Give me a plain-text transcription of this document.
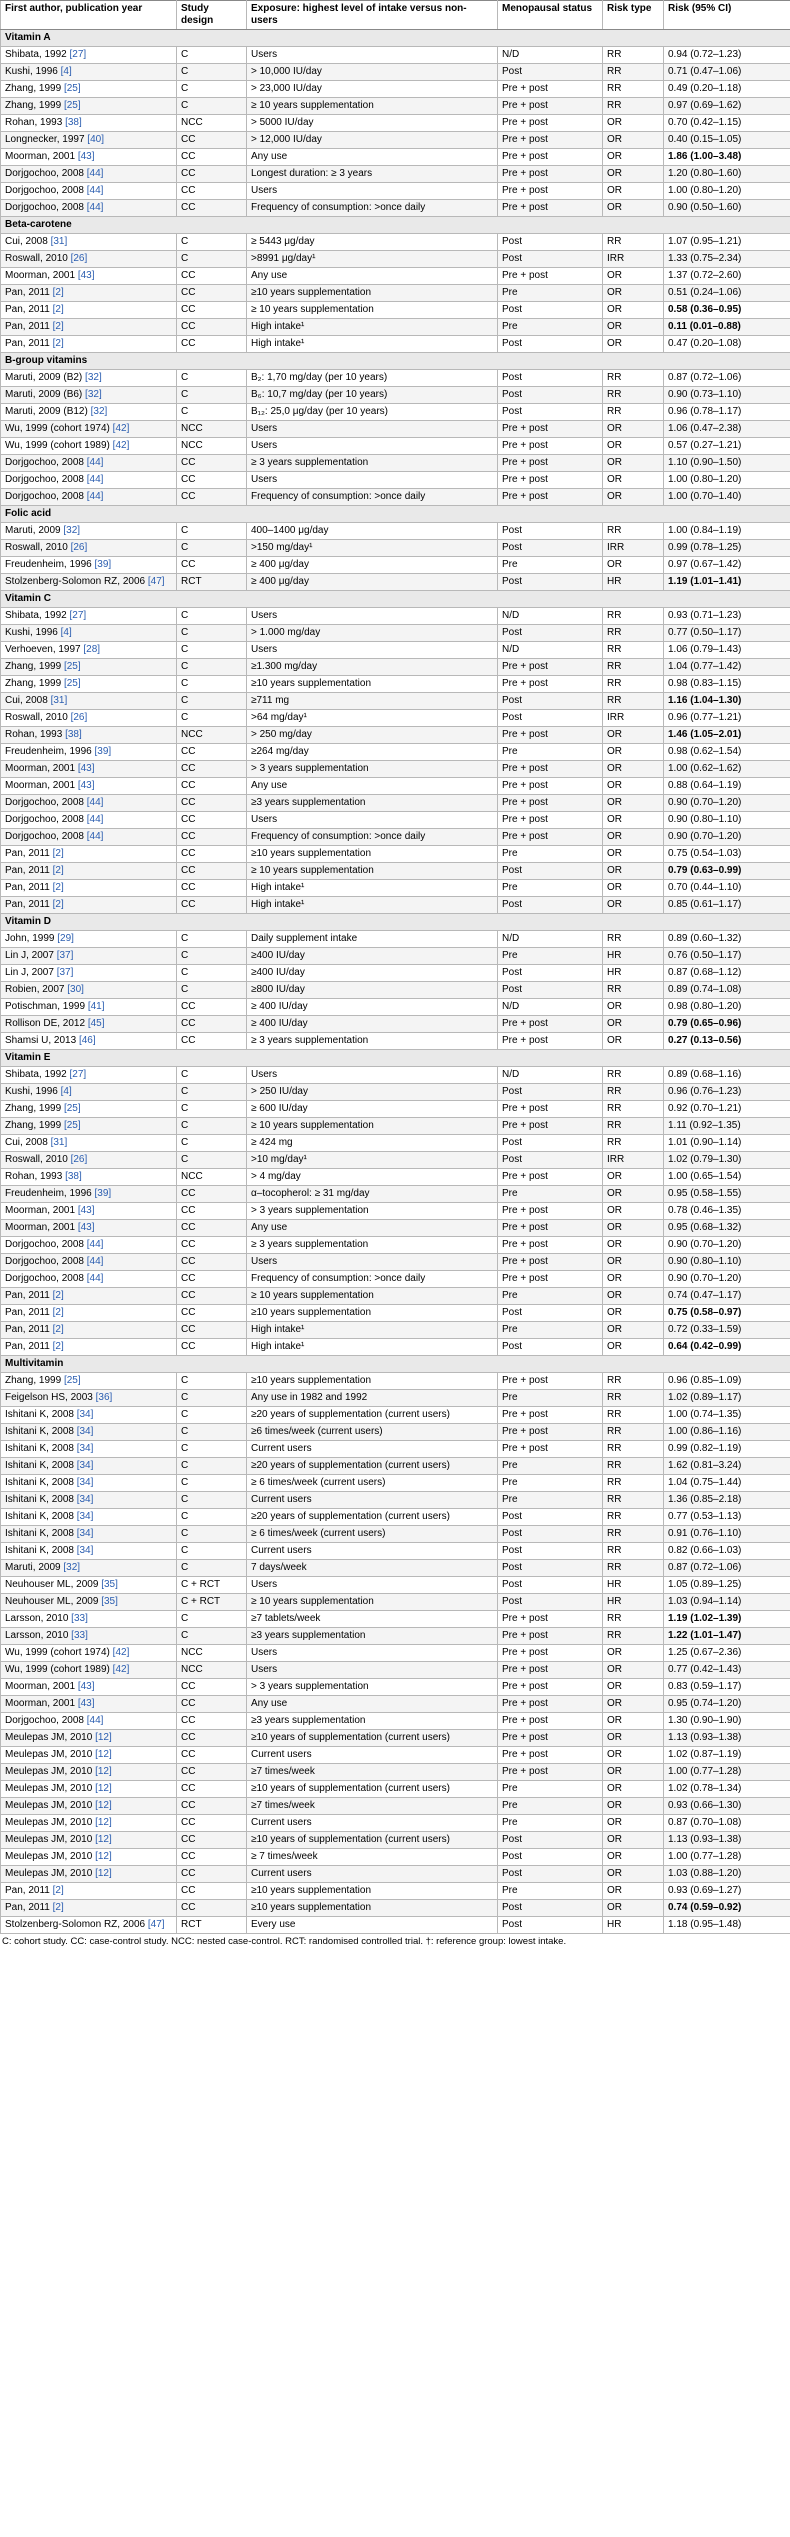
First author, publication year	Study design	Exposure: highest level of intake versus non-users	Menopausal status	Risk type	Risk (95% CI)
Vitamin A					
Shibata, 1992 [27]	C	Users	N/D	RR	0.94 (0.72–1.23)
Kushi, 1996 [4]	C	> 10,000 IU/day	Post	RR	0.71 (0.47–1.06)
Zhang, 1999 [25]	C	> 23,000 IU/day	Pre + post	RR	0.49 (0.20–1.18)
Zhang, 1999 [25]	C	≥ 10 years supplementation	Pre + post	RR	0.97 (0.69–1.62)
Rohan, 1993 [38]	NCC	> 5000 IU/day	Pre + post	OR	0.70 (0.42–1.15)
Longnecker, 1997 [40]	CC	> 12,000 IU/day	Pre + post	OR	0.40 (0.15–1.05)
Moorman, 2001 [43]	CC	Any use	Pre + post	OR	1.86 (1.00–3.48)
Dorjgochoo, 2008 [44]	CC	Longest duration: ≥ 3 years	Pre + post	OR	1.20 (0.80–1.60)
Dorjgochoo, 2008 [44]	CC	Users	Pre + post	OR	1.00 (0.80–1.20)
Dorjgochoo, 2008 [44]	CC	Frequency of consumption: >once daily	Pre + post	OR	0.90 (0.50–1.60)
Beta-carotene					
Cui, 2008 [31]	C	≥ 5443 μg/day	Post	RR	1.07 (0.95–1.21)
Roswall, 2010 [26]	C	>8991 μg/day¹	Post	IRR	1.33 (0.75–2.34)
Moorman, 2001 [43]	CC	Any use	Pre + post	OR	1.37 (0.72–2.60)
Pan, 2011 [2]	CC	≥10 years supplementation	Pre	OR	0.51 (0.24–1.06)
Pan, 2011 [2]	CC	≥ 10 years supplementation	Post	OR	0.58 (0.36–0.95)
Pan, 2011 [2]	CC	High intake¹	Pre	OR	0.11 (0.01–0.88)
Pan, 2011 [2]	CC	High intake¹	Post	OR	0.47 (0.20–1.08)
B-group vitamins					
Maruti, 2009 (B2) [32]	C	B₂: 1,70 mg/day (per 10 years)	Post	RR	0.87 (0.72–1.06)
Maruti, 2009 (B6) [32]	C	B₆: 10,7 mg/day (per 10 years)	Post	RR	0.90 (0.73–1.10)
Maruti, 2009 (B12) [32]	C	B₁₂: 25,0 μg/day (per 10 years)	Post	RR	0.96 (0.78–1.17)
Wu, 1999 (cohort 1974) [42]	NCC	Users	Pre + post	OR	1.06 (0.47–2.38)
Wu, 1999 (cohort 1989) [42]	NCC	Users	Pre + post	OR	0.57 (0.27–1.21)
Dorjgochoo, 2008 [44]	CC	≥ 3 years supplementation	Pre + post	OR	1.10 (0.90–1.50)
Dorjgochoo, 2008 [44]	CC	Users	Pre + post	OR	1.00 (0.80–1.20)
Dorjgochoo, 2008 [44]	CC	Frequency of consumption: >once daily	Pre + post	OR	1.00 (0.70–1.40)
Folic acid					
Maruti, 2009 [32]	C	400–1400 μg/day	Post	RR	1.00 (0.84–1.19)
Roswall, 2010 [26]	C	>150 mg/day¹	Post	IRR	0.99 (0.78–1.25)
Freudenheim, 1996 [39]	CC	≥ 400 μg/day	Pre	OR	0.97 (0.67–1.42)
Stolzenberg-Solomon RZ, 2006 [47]	RCT	≥ 400 μg/day	Post	HR	1.19 (1.01–1.41)
Vitamin C					
Shibata, 1992 [27]	C	Users	N/D	RR	0.93 (0.71–1.23)
Kushi, 1996 [4]	C	> 1.000 mg/day	Post	RR	0.77 (0.50–1.17)
Verhoeven, 1997 [28]	C	Users	N/D	RR	1.06 (0.79–1.43)
Zhang, 1999 [25]	C	≥1.300 mg/day	Pre + post	RR	1.04 (0.77–1.42)
Zhang, 1999 [25]	C	≥10 years supplementation	Pre + post	RR	0.98 (0.83–1.15)
Cui, 2008 [31]	C	≥711 mg	Post	RR	1.16 (1.04–1.30)
Roswall, 2010 [26]	C	>64 mg/day¹	Post	IRR	0.96 (0.77–1.21)
Rohan, 1993 [38]	NCC	> 250 mg/day	Pre + post	OR	1.46 (1.05–2.01)
Freudenheim, 1996 [39]	CC	≥264 mg/day	Pre	OR	0.98 (0.62–1.54)
Moorman, 2001 [43]	CC	> 3 years supplementation	Pre + post	OR	1.00 (0.62–1.62)
Moorman, 2001 [43]	CC	Any use	Pre + post	OR	0.88 (0.64–1.19)
Dorjgochoo, 2008 [44]	CC	≥3 years supplementation	Pre + post	OR	0.90 (0.70–1.20)
Dorjgochoo, 2008 [44]	CC	Users	Pre + post	OR	0.90 (0.80–1.10)
Dorjgochoo, 2008 [44]	CC	Frequency of consumption: >once daily	Pre + post	OR	0.90 (0.70–1.20)
Pan, 2011 [2]	CC	≥10 years supplementation	Pre	OR	0.75 (0.54–1.03)
Pan, 2011 [2]	CC	≥ 10 years supplementation	Post	OR	0.79 (0.63–0.99)
Pan, 2011 [2]	CC	High intake¹	Pre	OR	0.70 (0.44–1.10)
Pan, 2011 [2]	CC	High intake¹	Post	OR	0.85 (0.61–1.17)
Vitamin D					
John, 1999 [29]	C	Daily supplement intake	N/D	RR	0.89 (0.60–1.32)
Lin J, 2007 [37]	C	≥400 IU/day	Pre	HR	0.76 (0.50–1.17)
Lin J, 2007 [37]	C	≥400 IU/day	Post	HR	0.87 (0.68–1.12)
Robien, 2007 [30]	C	≥800 IU/day	Post	RR	0.89 (0.74–1.08)
Potischman, 1999 [41]	CC	≥ 400 IU/day	N/D	OR	0.98 (0.80–1.20)
Rollison DE, 2012 [45]	CC	≥ 400 IU/day	Pre + post	OR	0.79 (0.65–0.96)
Shamsi U, 2013 [46]	CC	≥ 3 years supplementation	Pre + post	OR	0.27 (0.13–0.56)
Vitamin E					
Shibata, 1992 [27]	C	Users	N/D	RR	0.89 (0.68–1.16)
Kushi, 1996 [4]	C	> 250 IU/day	Post	RR	0.96 (0.76–1.23)
Zhang, 1999 [25]	C	≥ 600 IU/day	Pre + post	RR	0.92 (0.70–1.21)
Zhang, 1999 [25]	C	≥ 10 years supplementation	Pre + post	RR	1.11 (0.92–1.35)
Cui, 2008 [31]	C	≥ 424 mg	Post	RR	1.01 (0.90–1.14)
Roswall, 2010 [26]	C	>10 mg/day¹	Post	IRR	1.02 (0.79–1.30)
Rohan, 1993 [38]	NCC	> 4 mg/day	Pre + post	OR	1.00 (0.65–1.54)
Freudenheim, 1996 [39]	CC	α–tocopherol: ≥ 31 mg/day	Pre	OR	0.95 (0.58–1.55)
Moorman, 2001 [43]	CC	> 3 years supplementation	Pre + post	OR	0.78 (0.46–1.35)
Moorman, 2001 [43]	CC	Any use	Pre + post	OR	0.95 (0.68–1.32)
Dorjgochoo, 2008 [44]	CC	≥ 3 years supplementation	Pre + post	OR	0.90 (0.70–1.20)
Dorjgochoo, 2008 [44]	CC	Users	Pre + post	OR	0.90 (0.80–1.10)
Dorjgochoo, 2008 [44]	CC	Frequency of consumption: >once daily	Pre + post	OR	0.90 (0.70–1.20)
Pan, 2011 [2]	CC	≥ 10 years supplementation	Pre	OR	0.74 (0.47–1.17)
Pan, 2011 [2]	CC	≥10 years supplementation	Post	OR	0.75 (0.58–0.97)
Pan, 2011 [2]	CC	High intake¹	Pre	OR	0.72 (0.33–1.59)
Pan, 2011 [2]	CC	High intake¹	Post	OR	0.64 (0.42–0.99)
Multivitamin					
Zhang, 1999 [25]	C	≥10 years supplementation	Pre + post	RR	0.96 (0.85–1.09)
Feigelson HS, 2003 [36]	C	Any use in 1982 and 1992	Pre	RR	1.02 (0.89–1.17)
Ishitani K, 2008 [34]	C	≥20 years of supplementation (current users)	Pre + post	RR	1.00 (0.74–1.35)
Ishitani K, 2008 [34]	C	≥6 times/week (current users)	Pre + post	RR	1.00 (0.86–1.16)
Ishitani K, 2008 [34]	C	Current users	Pre + post	RR	0.99 (0.82–1.19)
Ishitani K, 2008 [34]	C	≥20 years of supplementation (current users)	Pre	RR	1.62 (0.81–3.24)
Ishitani K, 2008 [34]	C	≥ 6 times/week (current users)	Pre	RR	1.04 (0.75–1.44)
Ishitani K, 2008 [34]	C	Current users	Pre	RR	1.36 (0.85–2.18)
Ishitani K, 2008 [34]	C	≥20 years of supplementation (current users)	Post	RR	0.77 (0.53–1.13)
Ishitani K, 2008 [34]	C	≥ 6 times/week (current users)	Post	RR	0.91 (0.76–1.10)
Ishitani K, 2008 [34]	C	Current users	Post	RR	0.82 (0.66–1.03)
Maruti, 2009 [32]	C	7 days/week	Post	RR	0.87 (0.72–1.06)
Neuhouser ML, 2009 [35]	C + RCT	Users	Post	HR	1.05 (0.89–1.25)
Neuhouser ML, 2009 [35]	C + RCT	≥ 10 years supplementation	Post	HR	1.03 (0.94–1.14)
Larsson, 2010 [33]	C	≥7 tablets/week	Pre + post	RR	1.19 (1.02–1.39)
Larsson, 2010 [33]	C	≥3 years supplementation	Pre + post	RR	1.22 (1.01–1.47)
Wu, 1999 (cohort 1974) [42]	NCC	Users	Pre + post	OR	1.25 (0.67–2.36)
Wu, 1999 (cohort 1989) [42]	NCC	Users	Pre + post	OR	0.77 (0.42–1.43)
Moorman, 2001 [43]	CC	> 3 years supplementation	Pre + post	OR	0.83 (0.59–1.17)
Moorman, 2001 [43]	CC	Any use	Pre + post	OR	0.95 (0.74–1.20)
Dorjgochoo, 2008 [44]	CC	≥3 years supplementation	Pre + post	OR	1.30 (0.90–1.90)
Meulepas JM, 2010 [12]	CC	≥10 years of supplementation (current users)	Pre + post	OR	1.13 (0.93–1.38)
Meulepas JM, 2010 [12]	CC	Current users	Pre + post	OR	1.02 (0.87–1.19)
Meulepas JM, 2010 [12]	CC	≥7 times/week	Pre + post	OR	1.00 (0.77–1.28)
Meulepas JM, 2010 [12]	CC	≥10 years of supplementation (current users)	Pre	OR	1.02 (0.78–1.34)
Meulepas JM, 2010 [12]	CC	≥7 times/week	Pre	OR	0.93 (0.66–1.30)
Meulepas JM, 2010 [12]	CC	Current users	Pre	OR	0.87 (0.70–1.08)
Meulepas JM, 2010 [12]	CC	≥10 years of supplementation (current users)	Post	OR	1.13 (0.93–1.38)
Meulepas JM, 2010 [12]	CC	≥ 7 times/week	Post	OR	1.00 (0.77–1.28)
Meulepas JM, 2010 [12]	CC	Current users	Post	OR	1.03 (0.88–1.20)
Pan, 2011 [2]	CC	≥10 years supplementation	Pre	OR	0.93 (0.69–1.27)
Pan, 2011 [2]	CC	≥10 years supplementation	Post	OR	0.74 (0.59–0.92)
Stolzenberg-Solomon RZ, 2006 [47]	RCT	Every use	Post	HR	1.18 (0.95–1.48)
C: cohort study. CC: case-control study. NCC: nested case-control. RCT: randomised controlled trial. †: reference group: lowest intake.
